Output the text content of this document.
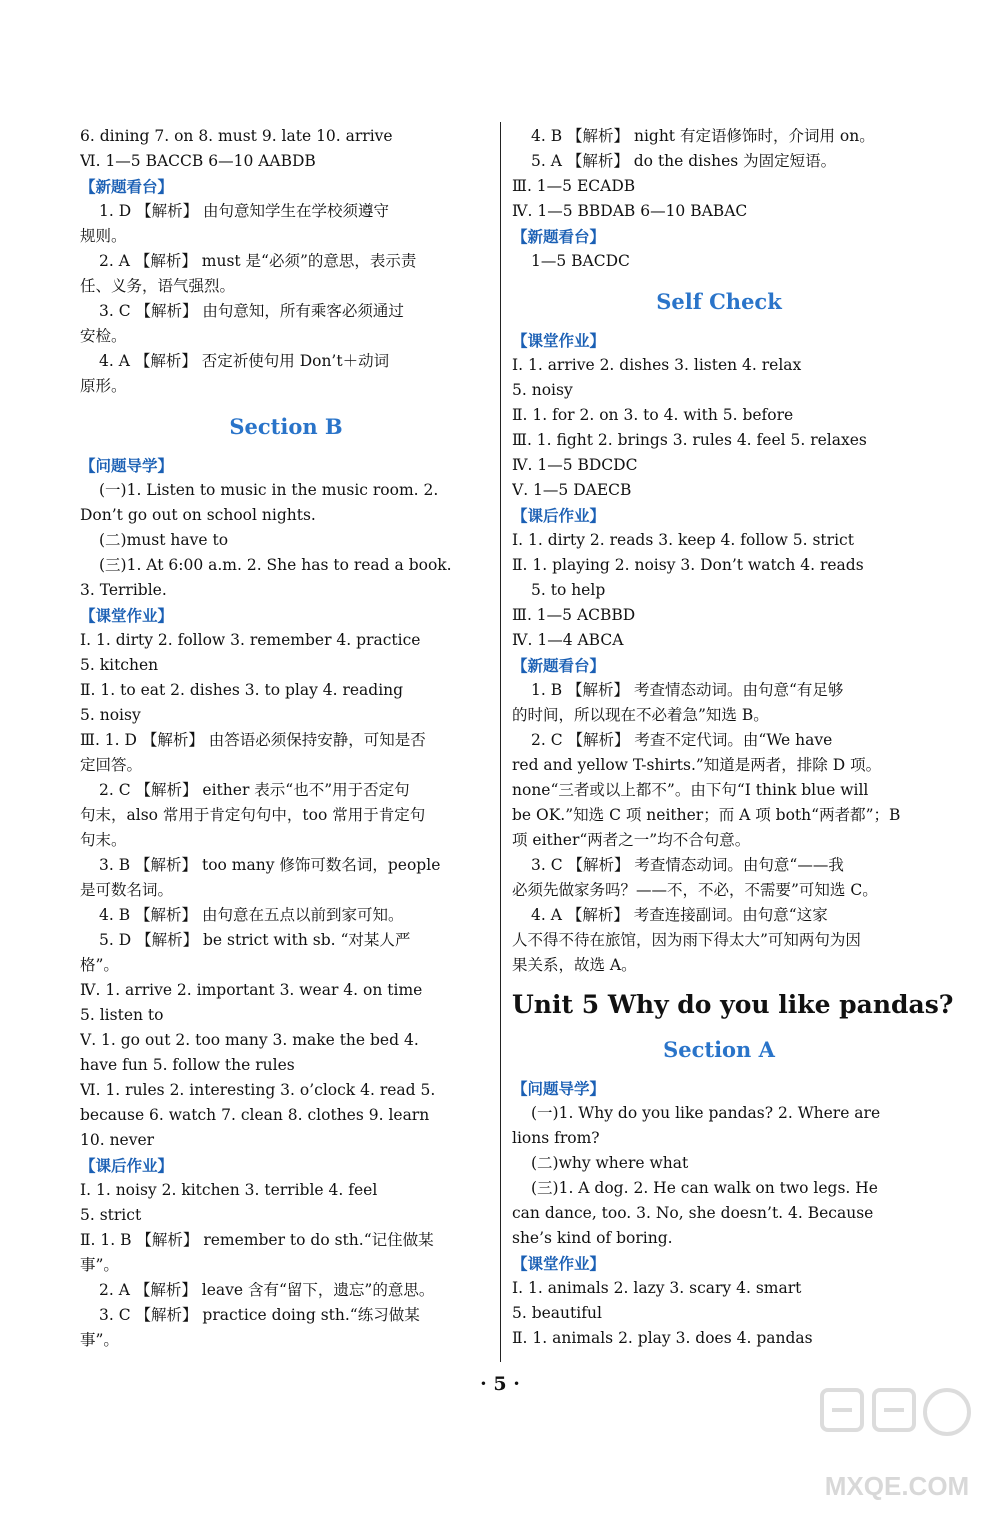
6. dining 7. on 8. must 9. late 10. arrive
Ⅵ. 1—5 BACCB 6—10 AABDB
【新题看台】
1. D 【解析】 由句意知学生在学校须遵守
规则。
2. A 【解析】 must 是“必须”的意思，表示责
任、义务，语气强烈。
3. C 【解析】 由句意知，所有乘客必须通过
安检。
4. A 【解析】 否定祈使句用 Don’t＋动词
原形。
Section B
【问题导学】
(一)1. Listen to music in the music room. 2.
Don’t go out on school nights.
(二)must have to
(三)1. At 6:00 a.m. 2. She has to read a book.
3. Terrible.
【课堂作业】
Ⅰ. 1. dirty 2. follow 3. remember 4. practice
5. kitchen
Ⅱ. 1. to eat 2. dishes 3. to play 4. reading
5. noisy
Ⅲ. 1. D 【解析】 由答语必须保持安静，可知是否
定回答。
2. C 【解析】 either 表示“也不”用于否定句
句末，also 常用于肯定句句中，too 常用于肯定句
句末。
3. B 【解析】 too many 修饰可数名词，people
是可数名词。
4. B 【解析】 由句意在五点以前到家可知。
5. D 【解析】 be strict with sb. “对某人严
格”。
Ⅳ. 1. arrive 2. important 3. wear 4. on time
5. listen to
Ⅴ. 1. go out 2. too many 3. make the bed 4.
have fun 5. follow the rules
Ⅵ. 1. rules 2. interesting 3. o’clock 4. read 5.
because 6. watch 7. clean 8. clothes 9. learn
10. never
【课后作业】
Ⅰ. 1. noisy 2. kitchen 3. terrible 4. feel
5. strict
Ⅱ. 1. B 【解析】 remember to do sth.“记住做某
事”。
2. A 【解析】 leave 含有“留下，遗忘”的意思。
3. C 【解析】 practice doing sth.“练习做某
事”。
4. B 【解析】 night 有定语修饰时，介词用 on。
5. A 【解析】 do the dishes 为固定短语。
Ⅲ. 1—5 ECADB
Ⅳ. 1—5 BBDAB 6—10 BABAC
【新题看台】
1—5 BACDC
Self Check
【课堂作业】
Ⅰ. 1. arrive 2. dishes 3. listen 4. relax
5. noisy
Ⅱ. 1. for 2. on 3. to 4. with 5. before
Ⅲ. 1. fight 2. brings 3. rules 4. feel 5. relaxes
Ⅳ. 1—5 BDCDC
Ⅴ. 1—5 DAECB
【课后作业】
Ⅰ. 1. dirty 2. reads 3. keep 4. follow 5. strict
Ⅱ. 1. playing 2. noisy 3. Don’t watch 4. reads
5. to help
Ⅲ. 1—5 ACBBD
Ⅳ. 1—4 ABCA
【新题看台】
1. B 【解析】 考查情态动词。由句意“有足够
的时间，所以现在不必着急”知选 B。
2. C 【解析】 考查不定代词。由“We have
red and yellow T-shirts.”知道是两者，排除 D 项。
none“三者或以上都不”。由下句“I think blue will
be OK.”知选 C 项 neither；而 A 项 both“两者都”；B
项 either“两者之一”均不合句意。
3. C 【解析】 考查情态动词。由句意“——我
必须先做家务吗？——不，不必，不需要”可知选 C。
4. A 【解析】 考查连接副词。由句意“这家
人不得不待在旅馆，因为雨下得太大”可知两句为因
果关系，故选 A。
Unit 5 Why do you like pandas?
Section A
【问题导学】
(一)1. Why do you like pandas? 2. Where are
lions from?
(二)why where what
(三)1. A dog. 2. He can walk on two legs. He
can dance, too. 3. No, she doesn’t. 4. Because
she’s kind of boring.
【课堂作业】
Ⅰ. 1. animals 2. lazy 3. scary 4. smart
5. beautiful
Ⅱ. 1. animals 2. play 3. does 4. pandas
· 5 ·
MXQE.COM
